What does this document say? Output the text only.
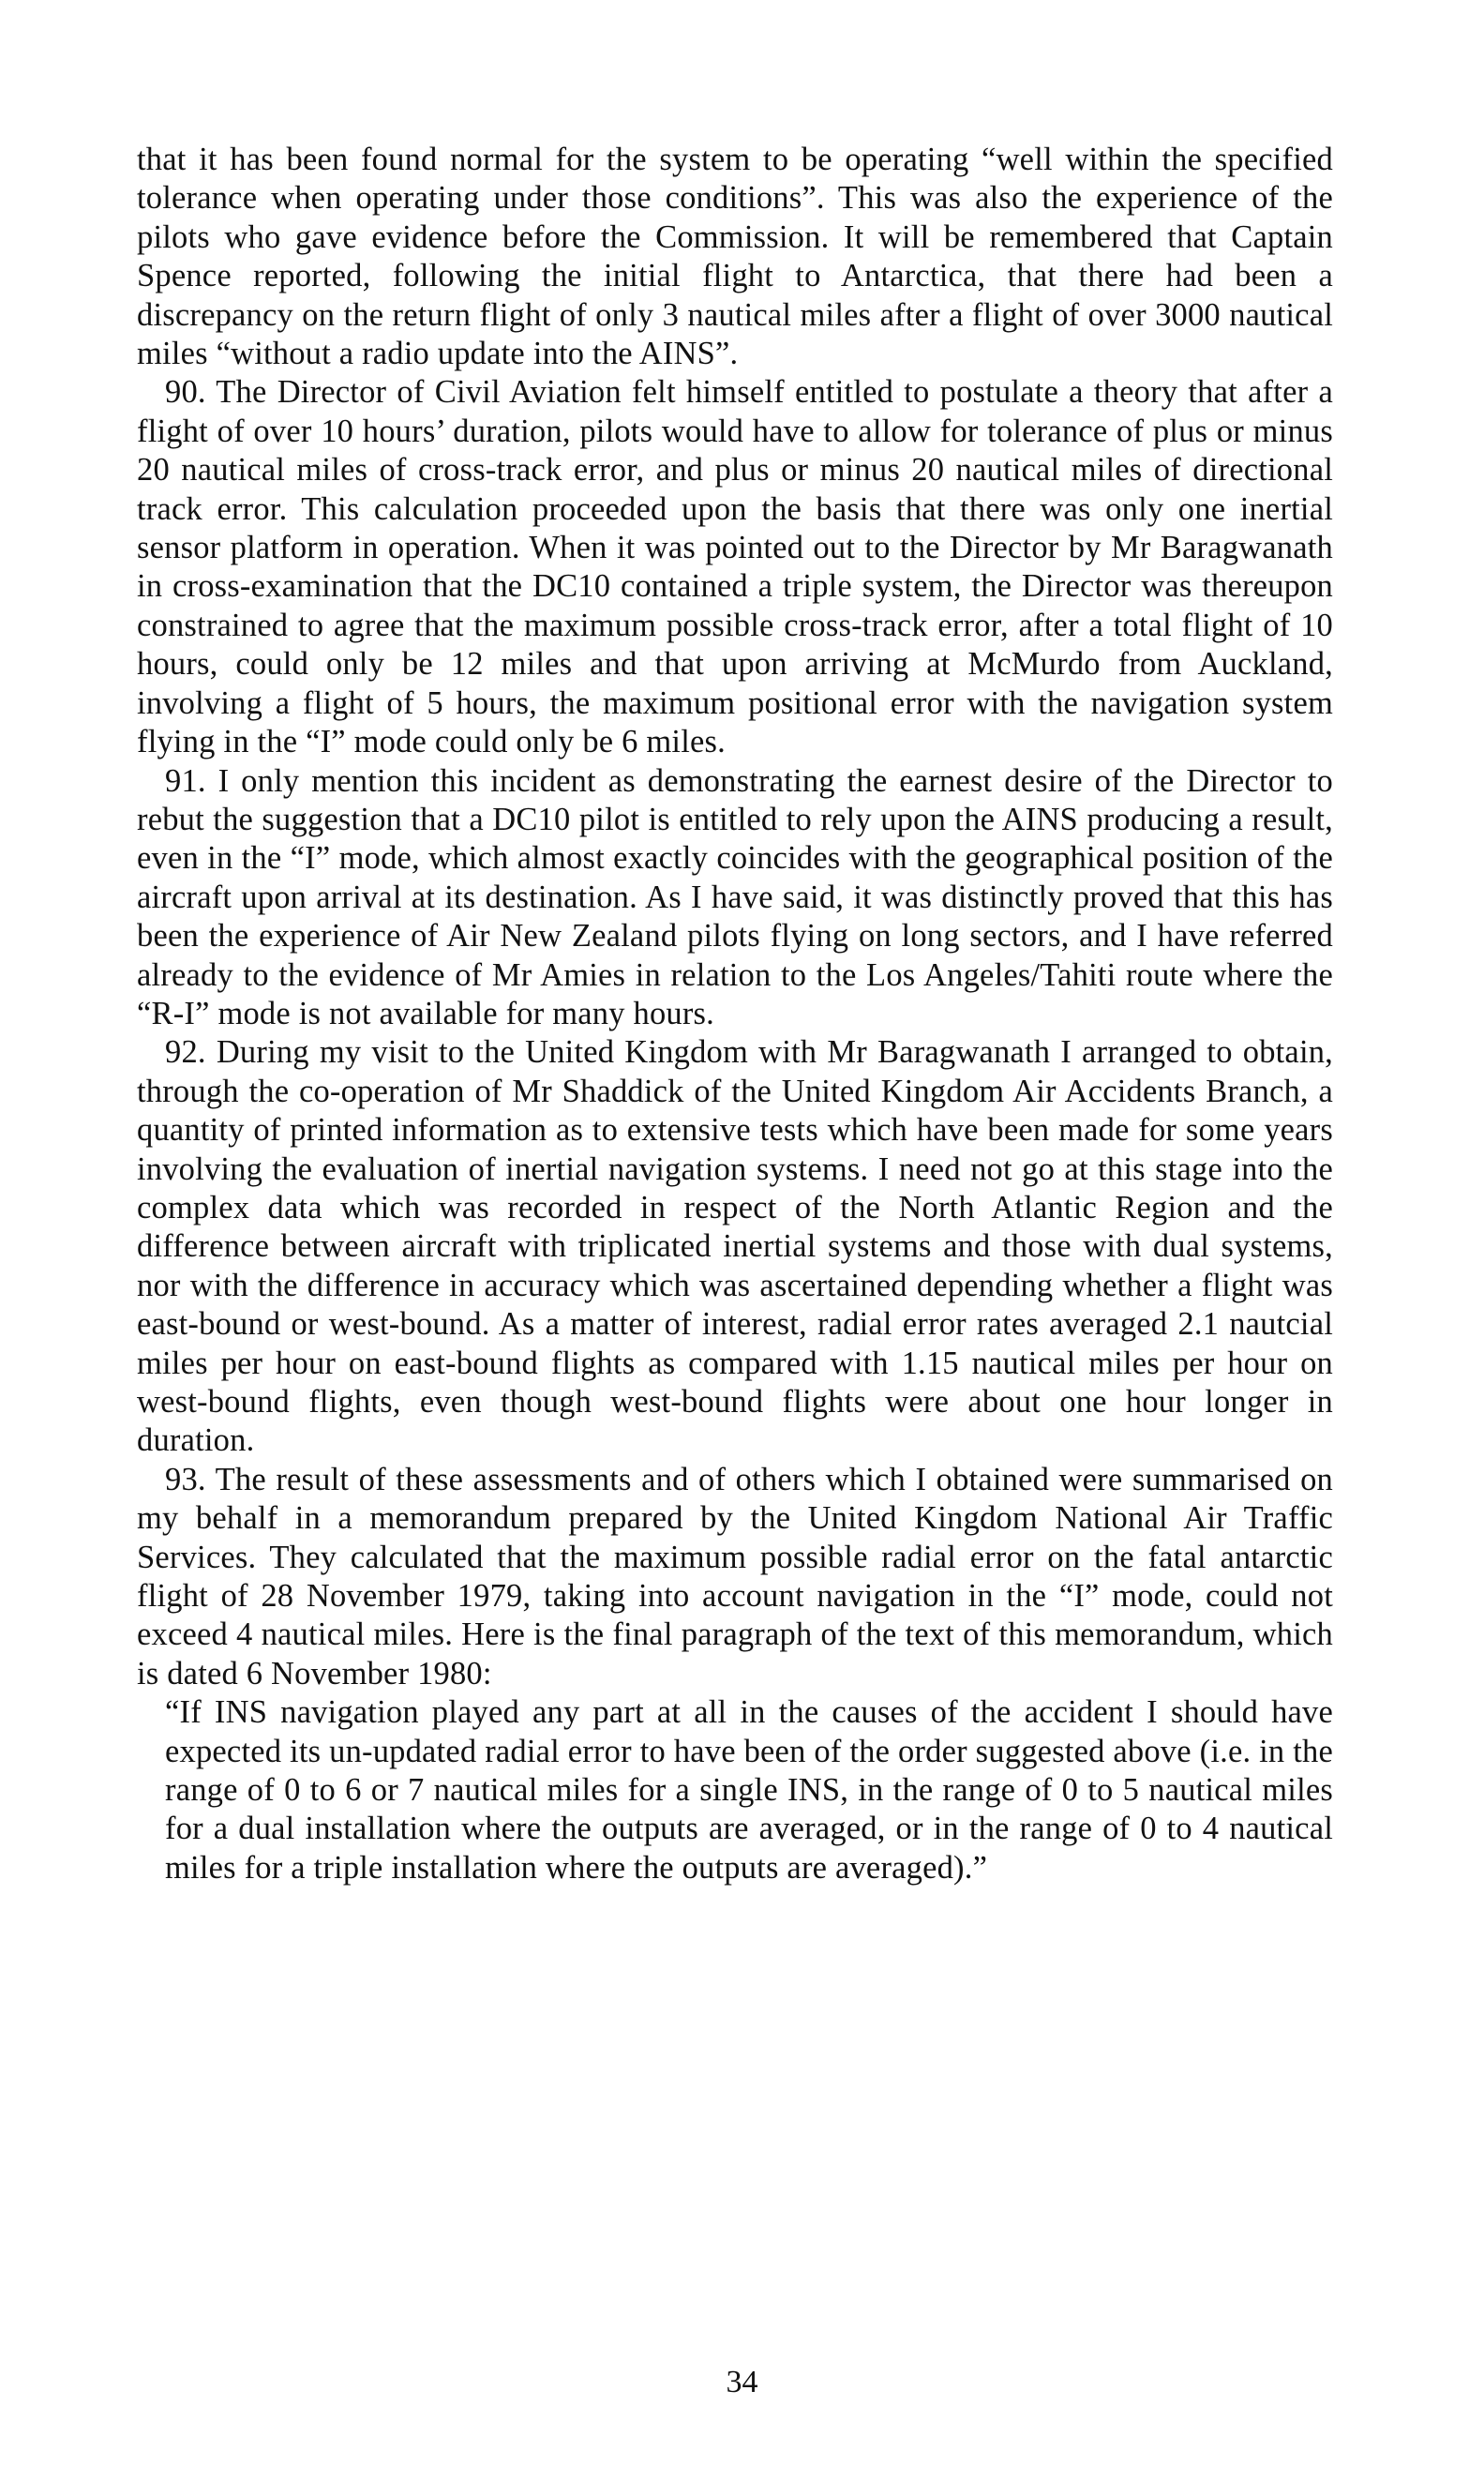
that it has been found normal for the system to be operating “well within the specified tolerance when operating under those conditions”. This was also the experience of the pilots who gave evidence before the Commission. It will be remembered that Captain Spence reported, following the initial flight to Antarctica, that there had been a discrepancy on the return flight of only 3 nautical miles after a flight of over 3000 nautical miles “without a radio update into the AINS”.

90. The Director of Civil Aviation felt himself entitled to postulate a theory that after a flight of over 10 hours’ duration, pilots would have to allow for tolerance of plus or minus 20 nautical miles of cross-track error, and plus or minus 20 nautical miles of directional track error. This calculation proceeded upon the basis that there was only one inertial sensor platform in operation. When it was pointed out to the Director by Mr Baragwanath in cross-examination that the DC10 contained a triple system, the Director was thereupon constrained to agree that the maximum possible cross-track error, after a total flight of 10 hours, could only be 12 miles and that upon arriving at McMurdo from Auckland, involving a flight of 5 hours, the maximum positional error with the navigation system flying in the “I” mode could only be 6 miles.

91. I only mention this incident as demonstrating the earnest desire of the Director to rebut the suggestion that a DC10 pilot is entitled to rely upon the AINS producing a result, even in the “I” mode, which almost exactly coincides with the geographical position of the aircraft upon arrival at its destination. As I have said, it was distinctly proved that this has been the experience of Air New Zealand pilots flying on long sectors, and I have referred already to the evidence of Mr Amies in relation to the Los Angeles/Tahiti route where the “R-I” mode is not available for many hours.

92. During my visit to the United Kingdom with Mr Baragwanath I arranged to obtain, through the co-operation of Mr Shaddick of the United Kingdom Air Accidents Branch, a quantity of printed information as to extensive tests which have been made for some years involving the evaluation of inertial navigation systems. I need not go at this stage into the complex data which was recorded in respect of the North Atlantic Region and the difference between aircraft with triplicated inertial systems and those with dual systems, nor with the difference in accuracy which was ascertained depending whether a flight was east-bound or west-bound. As a matter of interest, radial error rates averaged 2.1 nautcial miles per hour on east-bound flights as compared with 1.15 nautical miles per hour on west-bound flights, even though west-bound flights were about one hour longer in duration.

93. The result of these assessments and of others which I obtained were summarised on my behalf in a memorandum prepared by the United Kingdom National Air Traffic Services. They calculated that the maximum possible radial error on the fatal antarctic flight of 28 November 1979, taking into account navigation in the “I” mode, could not exceed 4 nautical miles. Here is the final paragraph of the text of this memorandum, which is dated 6 November 1980:

“If INS navigation played any part at all in the causes of the accident I should have expected its un-updated radial error to have been of the order suggested above (i.e. in the range of 0 to 6 or 7 nautical miles for a single INS, in the range of 0 to 5 nautical miles for a dual installation where the outputs are averaged, or in the range of 0 to 4 nautical miles for a triple installation where the outputs are averaged).”

34
